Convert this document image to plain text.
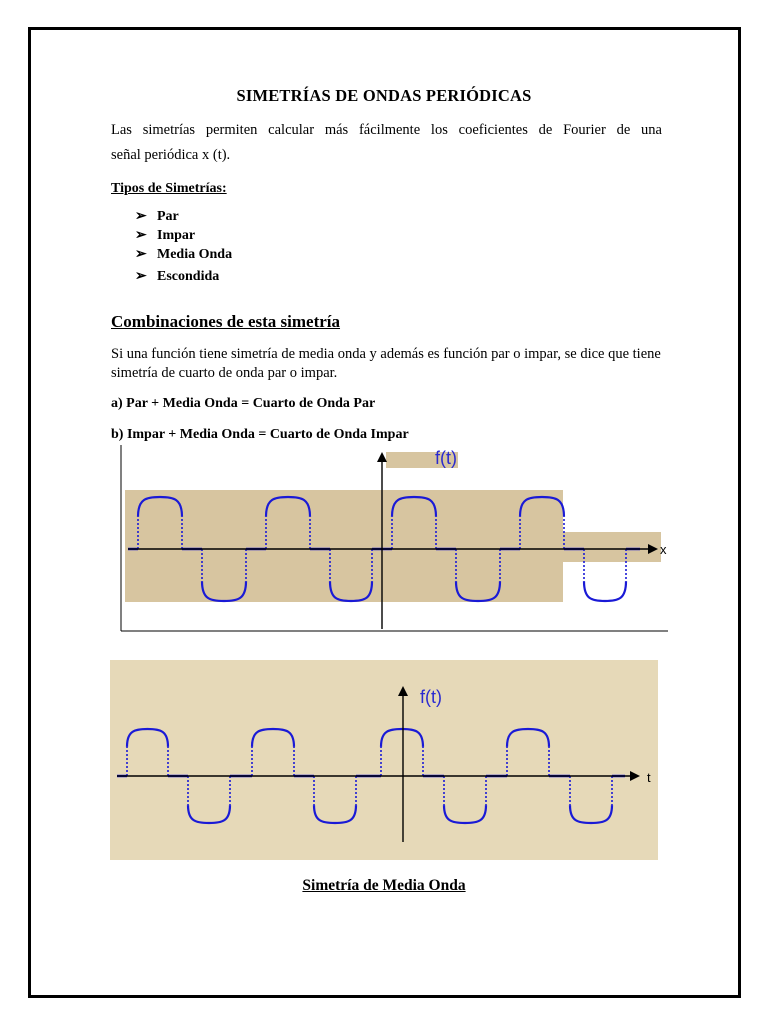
SIMETRÍAS DE ONDAS PERIÓDICAS
Las simetrías permiten calcular más fácilmente los coeficientes de Fourier de una
señal periódica x (t).
Tipos de Simetrías:
➢ Par
➢ Impar
➢ Media Onda
➢ Escondida
Combinaciones de esta simetría
Si una función tiene simetría de media onda y además es función par o impar, se dice que tiene simetría de cuarto de onda par o impar.
a) Par + Media Onda = Cuarto de Onda Par
b) Impar + Media Onda = Cuarto de Onda Impar
f(t)
x
f(t)
t
Simetría de Media Onda
